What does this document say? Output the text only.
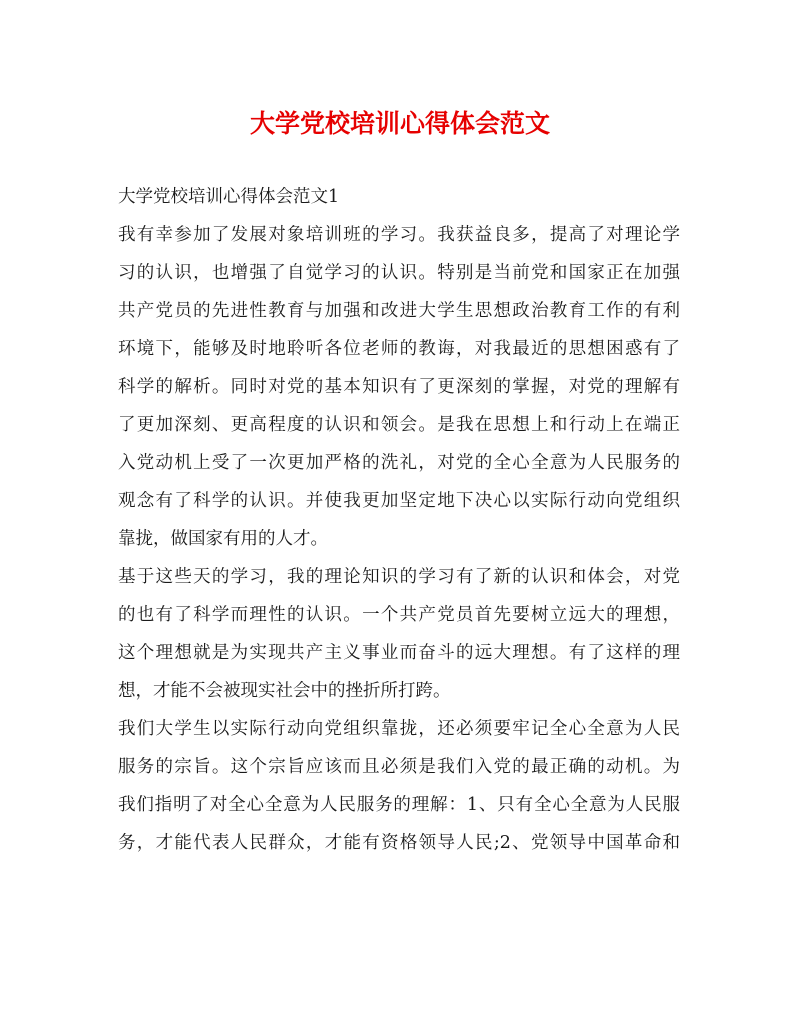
大学党校培训心得体会范文
大学党校培训心得体会范文1
我有幸参加了发展对象培训班的学习。我获益良多，提高了对理论学
习的认识，也增强了自觉学习的认识。特别是当前党和国家正在加强
共产党员的先进性教育与加强和改进大学生思想政治教育工作的有利
环境下，能够及时地聆听各位老师的教诲，对我最近的思想困惑有了
科学的解析。同时对党的基本知识有了更深刻的掌握，对党的理解有
了更加深刻、更高程度的认识和领会。是我在思想上和行动上在端正
入党动机上受了一次更加严格的洗礼，对党的全心全意为人民服务的
观念有了科学的认识。并使我更加坚定地下决心以实际行动向党组织
靠拢，做国家有用的人才。
基于这些天的学习，我的理论知识的学习有了新的认识和体会，对党
的也有了科学而理性的认识。一个共产党员首先要树立远大的理想，
这个理想就是为实现共产主义事业而奋斗的远大理想。有了这样的理
想，才能不会被现实社会中的挫折所打跨。
我们大学生以实际行动向党组织靠拢，还必须要牢记全心全意为人民
服务的宗旨。这个宗旨应该而且必须是我们入党的最正确的动机。为
我们指明了对全心全意为人民服务的理解：1、只有全心全意为人民服
务，才能代表人民群众，才能有资格领导人民;2、党领导中国革命和
